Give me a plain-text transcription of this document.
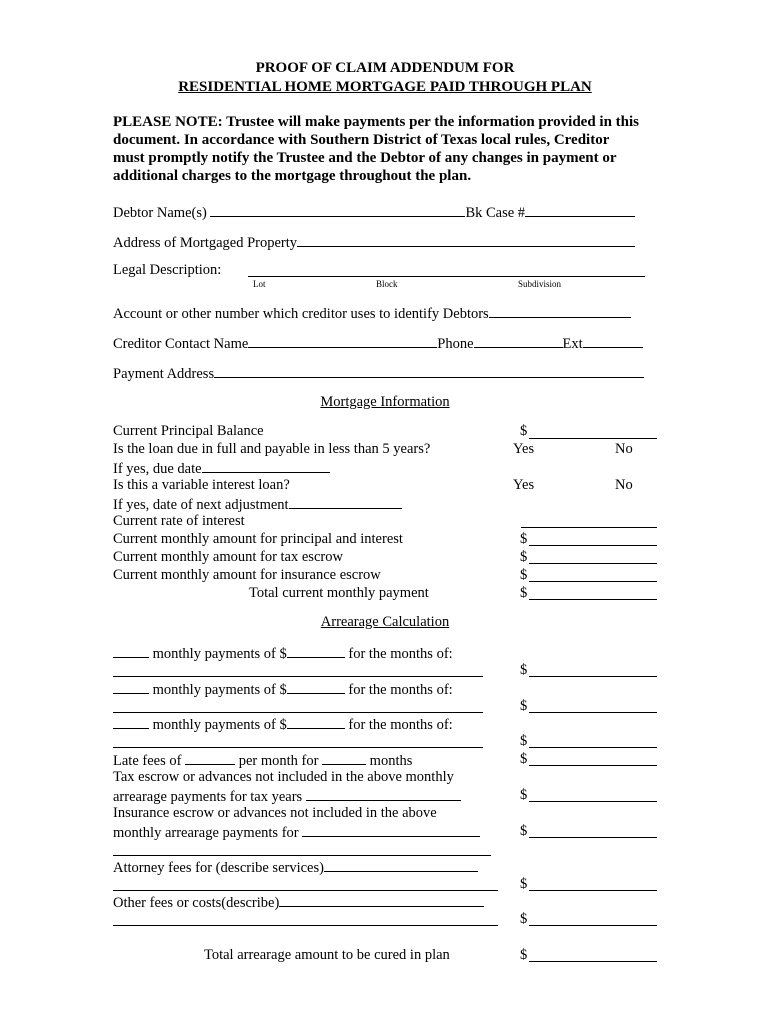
PROOF OF CLAIM ADDENDUM FOR
RESIDENTIAL HOME MORTGAGE PAID THROUGH PLAN
PLEASE NOTE: Trustee will make payments per the information provided in this
document. In accordance with Southern District of Texas local rules, Creditor
must promptly notify the Trustee and the Debtor of any changes in payment or
additional charges to the mortgage throughout the plan.
Debtor Name(s)	Bk Case #
Address of Mortgaged Property
Legal Description:
Lot	Block	Subdivision
Account or other number which creditor uses to identify Debtors
Creditor Contact Name	Phone	Ext
Payment Address
Mortgage Information
Current Principal Balance	$
Is the loan due in full and payable in less than 5 years?	Yes	No
If yes, due date
Is this a variable interest loan?	Yes	No
If yes, date of next adjustment
Current rate of interest
Current monthly amount for principal and interest	$
Current monthly amount for tax escrow	$
Current monthly amount for insurance escrow	$
Total current monthly payment	$
Arrearage Calculation
monthly payments of $	for the months of:
$
monthly payments of $	for the months of:
$
monthly payments of $	for the months of:
$
Late fees of	per month for	months	$
Tax escrow or advances not included in the above monthly
arrearage payments for tax years	$
Insurance escrow or advances not included in the above
monthly arrearage payments for	$
Attorney fees for (describe services)
$
Other fees or costs(describe)
$
Total arrearage amount to be cured in plan	$
